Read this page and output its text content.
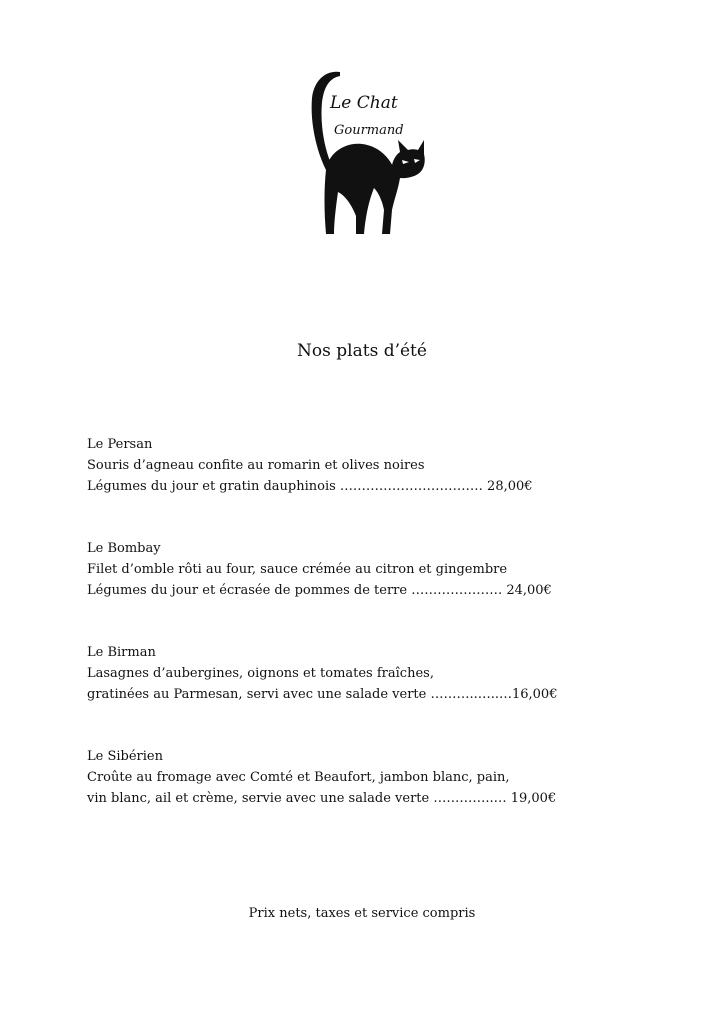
Le Chat
Gourmand
Nos plats d’été
Le Persan
Souris d’agneau confite au romarin et olives noires
Légumes du jour et gratin dauphinois …………………………… 28,00€
Le Bombay
Filet d’omble rôti au four, sauce crémée au citron et gingembre
Légumes du jour et écrasée de pommes de terre ………………… 24,00€
Le Birman
Lasagnes d’aubergines, oignons et tomates fraîches,
gratinées au Parmesan, servi avec une salade verte ………..…..…16,00€
Le Sibérien
Croûte au fromage avec Comté et Beaufort, jambon blanc, pain,
vin blanc, ail et crème, servie avec une salade verte …………..… 19,00€
Prix nets, taxes et service compris
